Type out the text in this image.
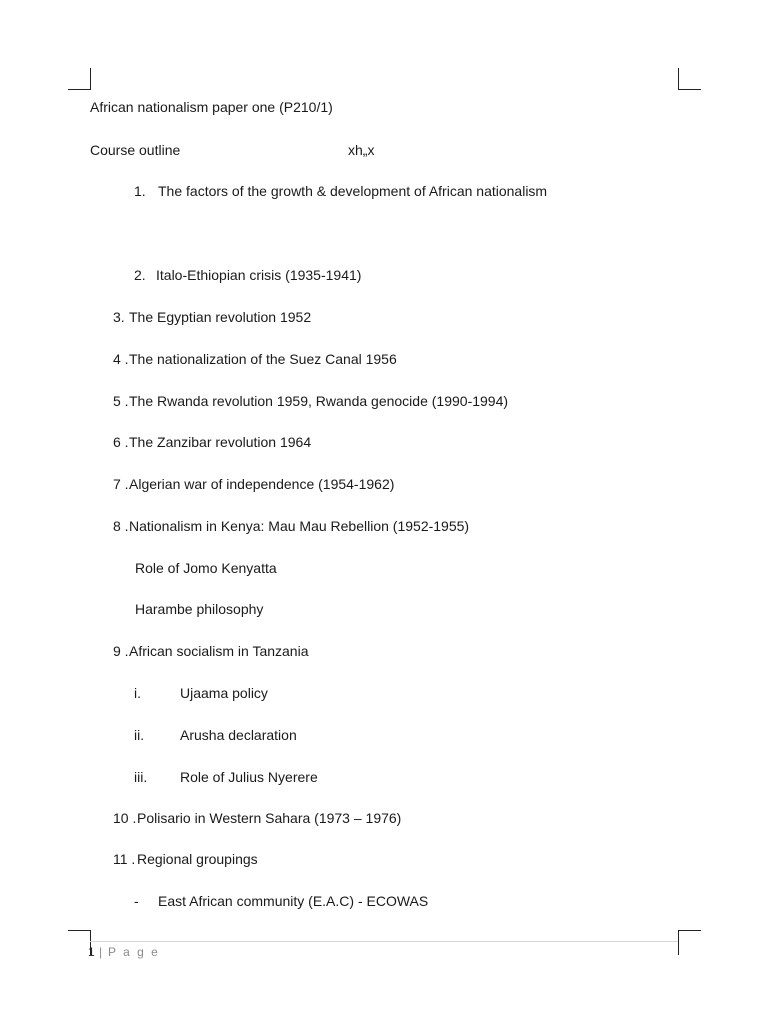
African nationalism paper one (P210/1)
Course outline	xh„x
1. The factors of the growth & development of African nationalism
2. Italo-Ethiopian crisis (1935-1941)
3. The Egyptian revolution 1952
4 . The nationalization of the Suez Canal 1956
5 . The Rwanda revolution 1959, Rwanda genocide (1990-1994)
6 . The Zanzibar revolution 1964
7 . Algerian war of independence (1954-1962)
8 . Nationalism in Kenya: Mau Mau Rebellion (1952-1955)
Role of Jomo Kenyatta
Harambe philosophy
9 . African socialism in Tanzania
i.	Ujaama policy
ii.	Arusha declaration
iii. Role of Julius Nyerere
10 . Polisario in Western Sahara (1973 – 1976)
11 . Regional groupings
- East African community (E.A.C) - ECOWAS
1 | P a g e
